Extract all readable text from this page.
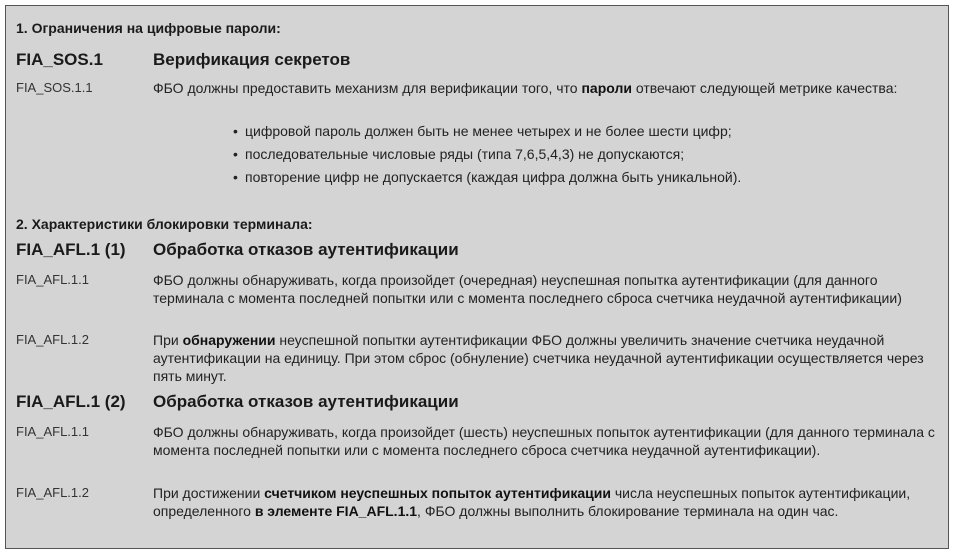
1. Ограничения на цифровые пароли:

FIA_SOS.1	Верификация секретов
FIA_SOS.1.1	ФБО должны предоставить механизм для верификации того, что пароли отвечают следующей метрике качества:
• цифровой пароль должен быть не менее четырех и не более шести цифр;
• последовательные числовые ряды (типа 7,6,5,4,3) не допускаются;
• повторение цифр не допускается (каждая цифра должна быть уникальной).

2. Характеристики блокировки терминала:

FIA_AFL.1 (1) Обработка отказов аутентификации
FIA_AFL.1.1	ФБО должны обнаруживать, когда произойдет (очередная) неуспешная попытка аутентификации (для данного терминала с момента последней попытки или с момента последнего сброса счетчика неудачной аутентификации)
FIA_AFL.1.2	При обнаружении неуспешной попытки аутентификации ФБО должны увеличить значение счетчика неудачной аутентификации на единицу. При этом сброс (обнуление) счетчика неудачной аутентификации осуществляется через пять минут.
FIA_AFL.1 (2) Обработка отказов аутентификации
FIA_AFL.1.1	ФБО должны обнаруживать, когда произойдет (шесть) неуспешных попыток аутентификации (для данного терминала с момента последней попытки или с момента последнего сброса счетчика неудачной аутентификации).
FIA_AFL.1.2	При достижении счетчиком неуспешных попыток аутентификации числа неуспешных попыток аутентификации, определенного в элементе FIA_AFL.1.1, ФБО должны выполнить блокирование терминала на один час.
